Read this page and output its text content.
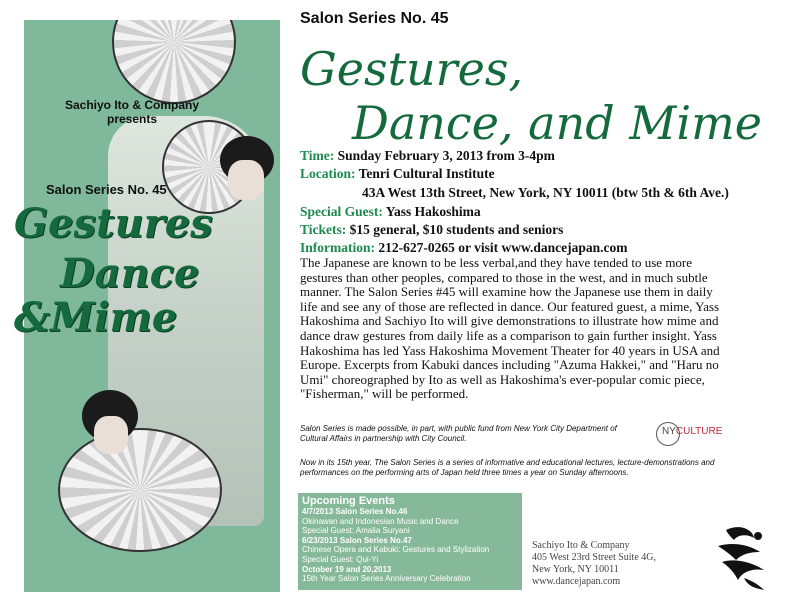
Sachiyo Ito & Company
presents
Salon Series No. 45
Gestures
Dance
&Mime
Salon Series No. 45
Gestures,
Dance, and Mime
Time: Sunday February 3, 2013 from 3-4pm
Location: Tenri Cultural Institute
43A West 13th Street, New York, NY 10011 (btw 5th & 6th Ave.)
Special Guest: Yass Hakoshima
Tickets: $15 general, $10 students and seniors
Information: 212-627-0265 or visit www.dancejapan.com
The Japanese are known to be less verbal,and they have tended to use more gestures than other peoples, compared to those in the west, and in much subtle manner. The Salon Series #45 will examine how the Japanese use them in daily life and see any of those are reflected in dance. Our featured guest, a mime, Yass Hakoshima and Sachiyo Ito will give demonstrations to illustrate how mime and dance draw gestures from daily life as a comparison to gain further insight. Yass Hakoshima has led Yass Hakoshima Movement Theater for 40 years in USA and Europe. Excerpts from Kabuki dances including "Azuma Hakkei," and "Haru no Umi" choreographed by Ito as well as Hakoshima's ever-popular comic piece, "Fisherman," will be performed.
Salon Series is made possible, in part, with public fund from New York City Department of Cultural Affairs in partnership with City Council.
NYCULTURE
Now in its 15th year, The Salon Series is a series of informative and educational lectures, lecture-demonstrations and performances on the performing arts of Japan held three times a year on Sunday afternoons.
Upcoming Events
4/7/2013 Salon Series No.46
Okinawan and Indonesian Music and Dance
Special Guest: Amalia Suryani
6/23/2013 Salon Series No.47
Chinese Opera and Kabuki: Gestures and Stylization
Special Guest: Qui-Yi
October 19 and 20,2013
15th Year Salon Series Anniversary Celebration
Sachiyo Ito & Company
405 West 23rd Street Suite 4G,
New York, NY 10011
www.dancejapan.com
